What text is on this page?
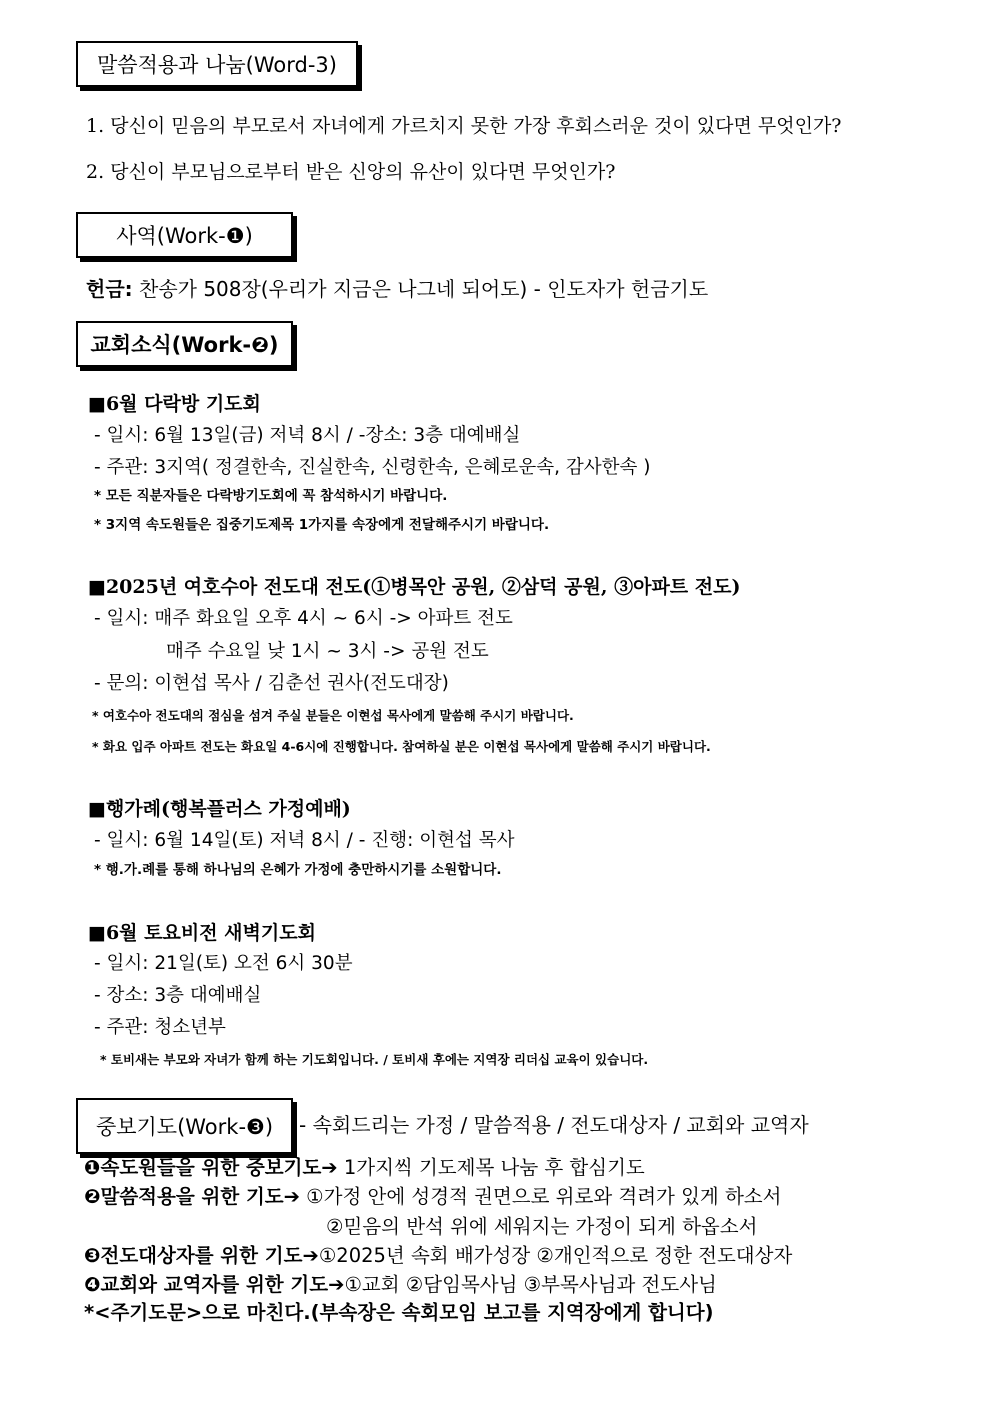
말씀적용과 나눔(Word-3)
1. 당신이 믿음의 부모로서 자녀에게 가르치지 못한 가장 후회스러운 것이 있다면 무엇인가?
2. 당신이 부모님으로부터 받은 신앙의 유산이 있다면 무엇인가?
사역(Work-❶)
헌금: 찬송가 508장(우리가 지금은 나그네 되어도) - 인도자가 헌금기도
교회소식(Work-❷)
■6월 다락방 기도회
- 일시: 6월 13일(금) 저녁 8시 / -장소: 3층 대예배실
- 주관: 3지역( 정결한속, 진실한속, 신령한속, 은혜로운속, 감사한속 )
* 모든 직분자들은 다락방기도회에 꼭 참석하시기 바랍니다.
* 3지역 속도원들은 집중기도제목 1가지를 속장에게 전달해주시기 바랍니다.
■2025년 여호수아 전도대 전도(①병목안 공원, ②삼덕 공원, ③아파트 전도)
- 일시: 매주 화요일 오후 4시 ~ 6시 -> 아파트 전도
매주 수요일 낮 1시 ~ 3시 -> 공원 전도
- 문의: 이현섭 목사 / 김춘선 권사(전도대장)
* 여호수아 전도대의 점심을 섬겨 주실 분들은 이현섭 목사에게 말씀해 주시기 바랍니다.
* 화요 입주 아파트 전도는 화요일 4-6시에 진행합니다. 참여하실 분은 이현섭 목사에게 말씀해 주시기 바랍니다.
■행가례(행복플러스 가정예배)
- 일시: 6월 14일(토) 저녁 8시 / - 진행: 이현섭 목사
* 행.가.례를 통해 하나님의 은혜가 가정에 충만하시기를 소원합니다.
■6월 토요비전 새벽기도회
- 일시: 21일(토) 오전 6시 30분
- 장소: 3층 대예배실
- 주관: 청소년부
* 토비새는 부모와 자녀가 함께 하는 기도회입니다. / 토비새 후에는 지역장 리더십 교육이 있습니다.
중보기도(Work-❸) - 속회드리는 가정 / 말씀적용 / 전도대상자 / 교회와 교역자
❶속도원들을 위한 중보기도➔ 1가지씩 기도제목 나눔 후 합심기도
❷말씀적용을 위한 기도➔ ①가정 안에 성경적 권면으로 위로와 격려가 있게 하소서
②믿음의 반석 위에 세워지는 가정이 되게 하옵소서
❸전도대상자를 위한 기도➔①2025년 속회 배가성장 ②개인적으로 정한 전도대상자
❹교회와 교역자를 위한 기도➔①교회 ②담임목사님 ③부목사님과 전도사님
*<주기도문>으로 마친다.(부속장은 속회모임 보고를 지역장에게 합니다)
